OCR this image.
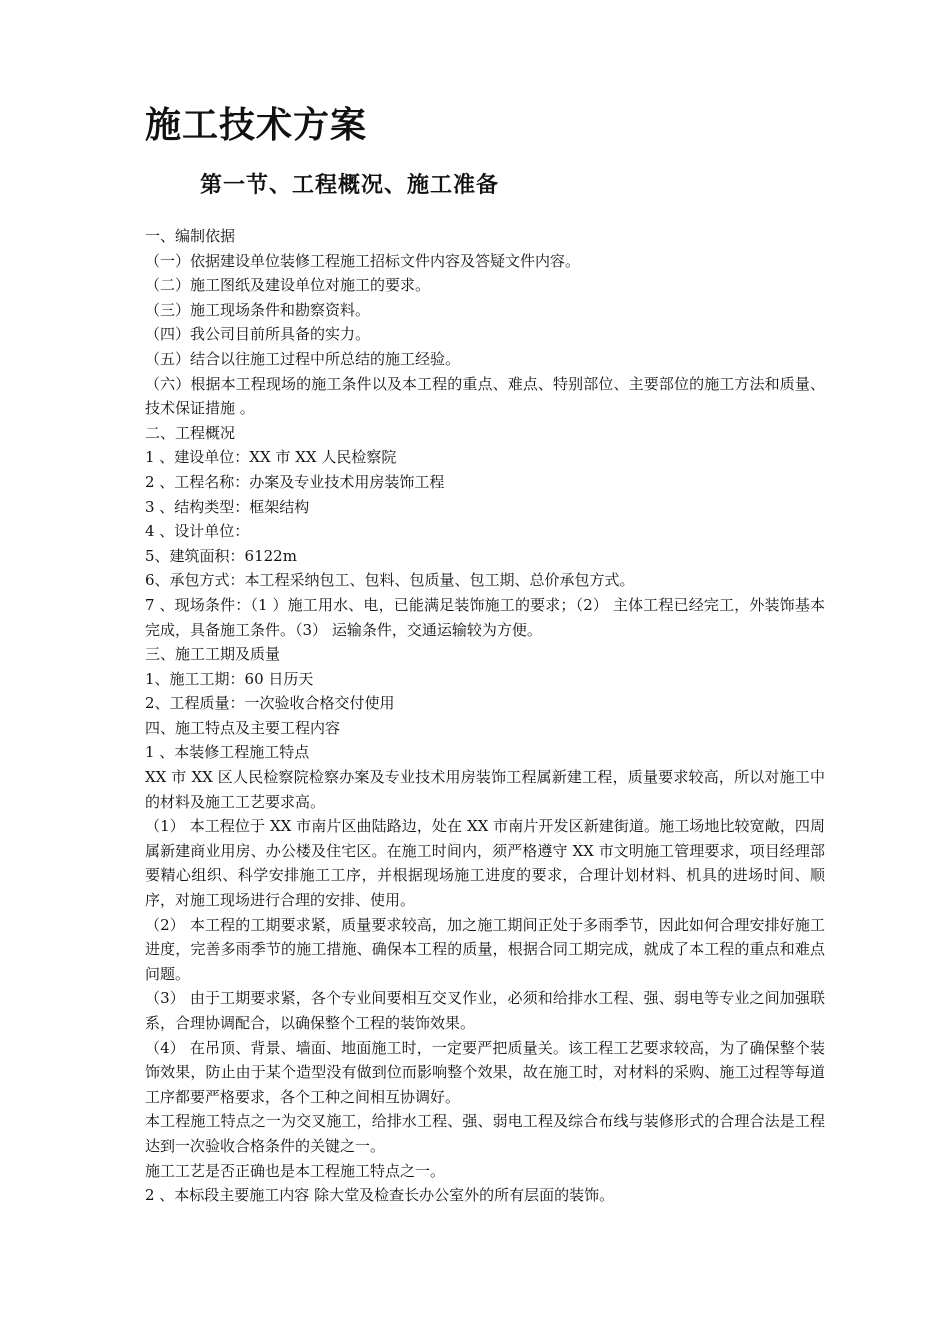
施工技术方案
第一节、工程概况、施工准备

一、编制依据

（一）依据建设单位装修工程施工招标文件内容及答疑文件内容。

（二）施工图纸及建设单位对施工的要求。

（三）施工现场条件和勘察资料。

（四）我公司目前所具备的实力。

（五）结合以往施工过程中所总结的施工经验。

（六）根据本工程现场的施工条件以及本工程的重点、难点、特别部位、主要部位的施工方法和质量、技术保证措施 。

二、工程概况

1 、建设单位：XX 市 XX 人民检察院

2 、工程名称：办案及专业技术用房装饰工程

3 、结构类型：框架结构

4 、设计单位：

5、建筑面积：6122m

6、承包方式：本工程采纳包工、包料、包质量、包工期、总价承包方式。

7 、现场条件：（1 ）施工用水、电，已能满足装饰施工的要求；（2） 主体工程已经完工，外装饰基本完成，具备施工条件。（3） 运输条件，交通运输较为方便。

三、施工工期及质量

1、施工工期：60 日历天

2、工程质量：一次验收合格交付使用

四、施工特点及主要工程内容

1 、本装修工程施工特点

XX 市 XX 区人民检察院检察办案及专业技术用房装饰工程属新建工程，质量要求较高，所以对施工中的材料及施工工艺要求高。

（1） 本工程位于 XX 市南片区曲陆路边，处在 XX 市南片开发区新建街道。施工场地比较宽敞，四周属新建商业用房、办公楼及住宅区。在施工时间内，须严格遵守 XX 市文明施工管理要求，项目经理部要精心组织、科学安排施工工序，并根据现场施工进度的要求，合理计划材料、机具的进场时间、顺序，对施工现场进行合理的安排、使用。

（2） 本工程的工期要求紧，质量要求较高，加之施工期间正处于多雨季节，因此如何合理安排好施工进度，完善多雨季节的施工措施、确保本工程的质量，根据合同工期完成，就成了本工程的重点和难点问题。

（3） 由于工期要求紧，各个专业间要相互交叉作业，必须和给排水工程、强、弱电等专业之间加强联系，合理协调配合，以确保整个工程的装饰效果。

（4） 在吊顶、背景、墙面、地面施工时，一定要严把质量关。该工程工艺要求较高，为了确保整个装饰效果，防止由于某个造型没有做到位而影响整个效果，故在施工时，对材料的采购、施工过程等每道工序都要严格要求，各个工种之间相互协调好。

本工程施工特点之一为交叉施工，给排水工程、强、弱电工程及综合布线与装修形式的合理合法是工程达到一次验收合格条件的关键之一。

施工工艺是否正确也是本工程施工特点之一。

2 、本标段主要施工内容 除大堂及检查长办公室外的所有层面的装饰。
